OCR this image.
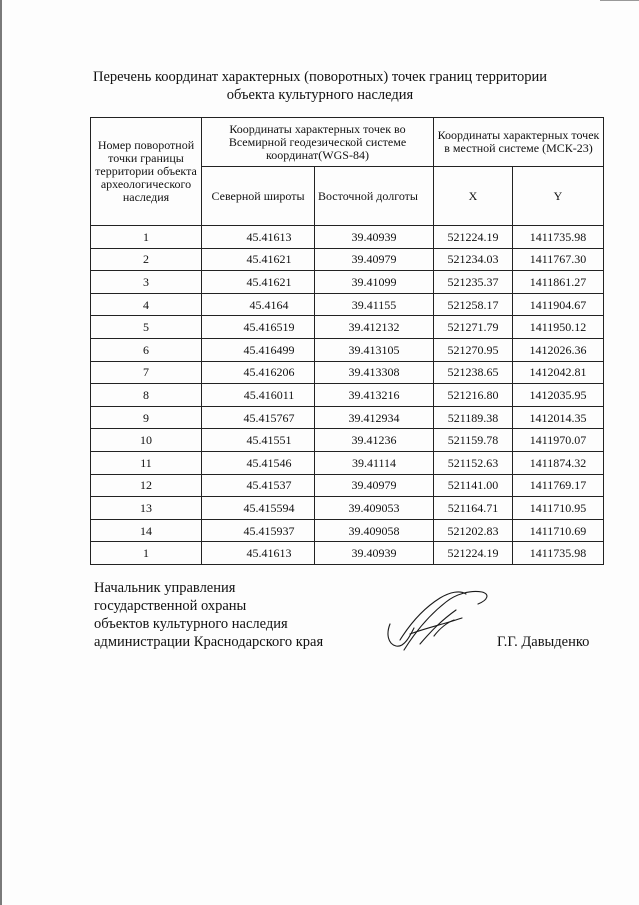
Перечень координат характерных (поворотных) точек границ территории
объекта культурного наследия
Номер поворотной точки границы территории объекта археологического наследия	Координаты характерных точек во Всемирной геодезической системе координат(WGS-84)		Координаты характерных точек в местной системе (МСК-23)	
	Северной широты	Восточной долготы	X	Y
1	45.41613	39.40939	521224.19	1411735.98
2	45.41621	39.40979	521234.03	1411767.30
3	45.41621	39.41099	521235.37	1411861.27
4	45.4164	39.41155	521258.17	1411904.67
5	45.416519	39.412132	521271.79	1411950.12
6	45.416499	39.413105	521270.95	1412026.36
7	45.416206	39.413308	521238.65	1412042.81
8	45.416011	39.413216	521216.80	1412035.95
9	45.415767	39.412934	521189.38	1412014.35
10	45.41551	39.41236	521159.78	1411970.07
11	45.41546	39.41114	521152.63	1411874.32
12	45.41537	39.40979	521141.00	1411769.17
13	45.415594	39.409053	521164.71	1411710.95
14	45.415937	39.409058	521202.83	1411710.69
1	45.41613	39.40939	521224.19	1411735.98
Начальник управления
государственной охраны
объектов культурного наследия
администрации Краснодарского края	Г.Г. Давыденко
